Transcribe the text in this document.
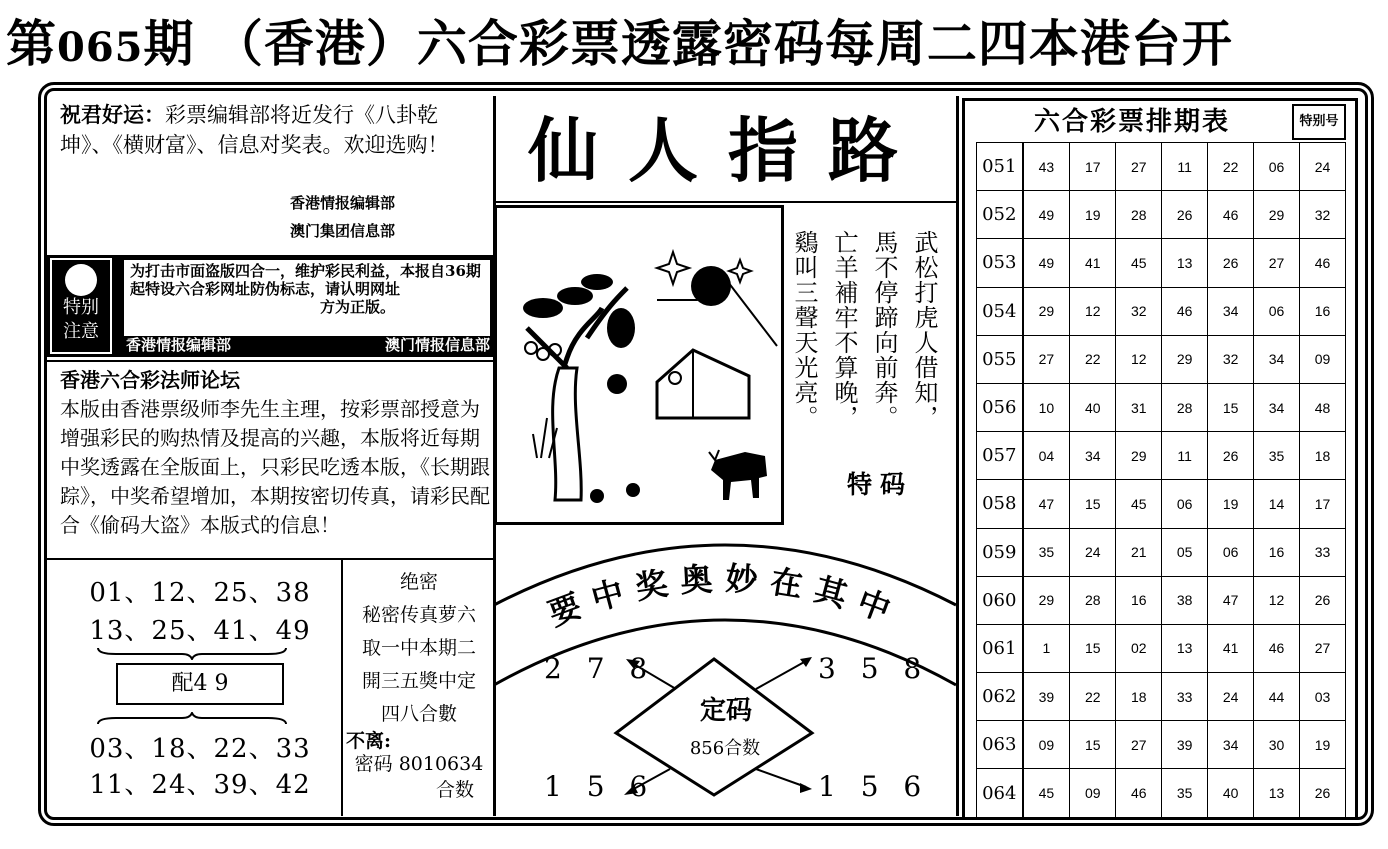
第065期 （香港）六合彩票透露密码每周二四本港台开
祝君好运：彩票编辑部将近发行《八卦乾坤》、《横财富》、信息对奖表。欢迎选购！
香港情报编辑部
澳门集团信息部
特别
注意
为打击市面盗版四合一，维护彩民利益，本报自36期起特设六合彩网址防伪标志，请认明网址
方为正版。
香港情报编辑部	澳门情报信息部
香港六合彩法师论坛
本版由香港票级师李先生主理，按彩票部授意为增强彩民的购热情及提高的兴趣，本版将近每期中奖透露在全版面上，只彩民吃透本版，《长期跟踪》，中奖希望增加，本期按密切传真，请彩民配合《偷码大盗》本版式的信息！
01、12、25、38
13、25、41、49
配4 9
03、18、22、33
11、24、39、42
绝密
秘密传真萝六
取一中本期二
開三五獎中定
四八合數
不离:
密码 8010634
合数
仙人指路
武松打虎人借知，
馬不停蹄向前奔。
亡羊補牢不算晚，
鷄叫三聲天光亮。
特码
要中奖奥妙在其中
2 7 8	3 5 8
1 5 6	1 5 6
定码
856合数
六合彩票排期表	特别号
051	43	17	27	11	22	06	24
052	49	19	28	26	46	29	32
053	49	41	45	13	26	27	46
054	29	12	32	46	34	06	16
055	27	22	12	29	32	34	09
056	10	40	31	28	15	34	48
057	04	34	29	11	26	35	18
058	47	15	45	06	19	14	17
059	35	24	21	05	06	16	33
060	29	28	16	38	47	12	26
061	1	15	02	13	41	46	27
062	39	22	18	33	24	44	03
063	09	15	27	39	34	30	19
064	45	09	46	35	40	13	26
